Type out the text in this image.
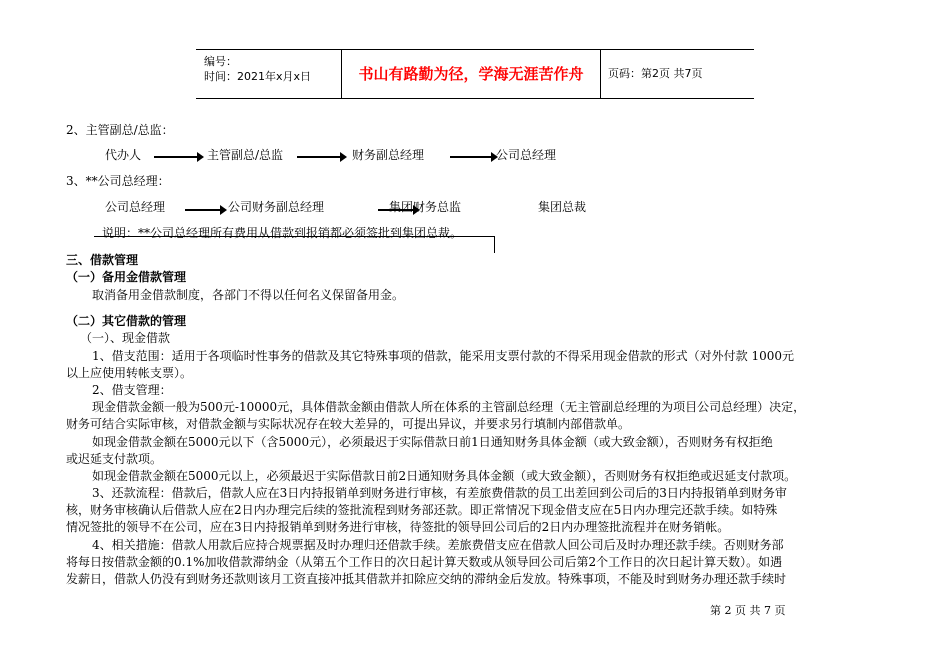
编号：
时间：2021年x月x日	书山有路勤为径，学海无涯苦作舟	页码：第2页 共7页
2、主管副总/总监：
代办人	主管副总/总监	财务副总经理	公司总经理
3、**公司总经理：
公司总经理	公司财务副总经理	集团财务总监	集团总裁
说明：**公司总经理所有费用从借款到报销都必须签批到集团总裁。
三、借款管理
（一）备用金借款管理
取消备用金借款制度，各部门不得以任何名义保留备用金。
（二）其它借款的管理
（一）、现金借款
1、借支范围：适用于各项临时性事务的借款及其它特殊事项的借款，能采用支票付款的不得采用现金借款的形式（对外付款 1000元
以上应使用转帐支票）。
2、借支管理：
现金借款金额一般为500元-10000元，具体借款金额由借款人所在体系的主管副总经理（无主管副总经理的为项目公司总经理）决定，
财务可结合实际审核，对借款金额与实际状况存在较大差异的，可提出异议，并要求另行填制内部借款单。
如现金借款金额在5000元以下（含5000元），必须最迟于实际借款日前1日通知财务具体金额（或大致金额），否则财务有权拒绝
或迟延支付款项。
如现金借款金额在5000元以上，必须最迟于实际借款日前2日通知财务具体金额（或大致金额），否则财务有权拒绝或迟延支付款项。
3、还款流程：借款后，借款人应在3日内持报销单到财务进行审核，有差旅费借款的员工出差回到公司后的3日内持报销单到财务审
核，财务审核确认后借款人应在2日内办理完后续的签批流程到财务部还款。即正常情况下现金借支应在5日内办理完还款手续。如特殊
情况签批的领导不在公司，应在3日内持报销单到财务进行审核，待签批的领导回公司后的2日内办理签批流程并在财务销帐。
4、相关措施：借款人用款后应持合规票据及时办理归还借款手续。差旅费借支应在借款人回公司后及时办理还款手续。否则财务部
将每日按借款金额的0.1%加收借款滞纳金（从第五个工作日的次日起计算天数或从领导回公司后第2个工作日的次日起计算天数）。如遇
发薪日，借款人仍没有到财务还款则该月工资直接冲抵其借款并扣除应交纳的滞纳金后发放。特殊事项，不能及时到财务办理还款手续时
第 2 页 共 7 页
